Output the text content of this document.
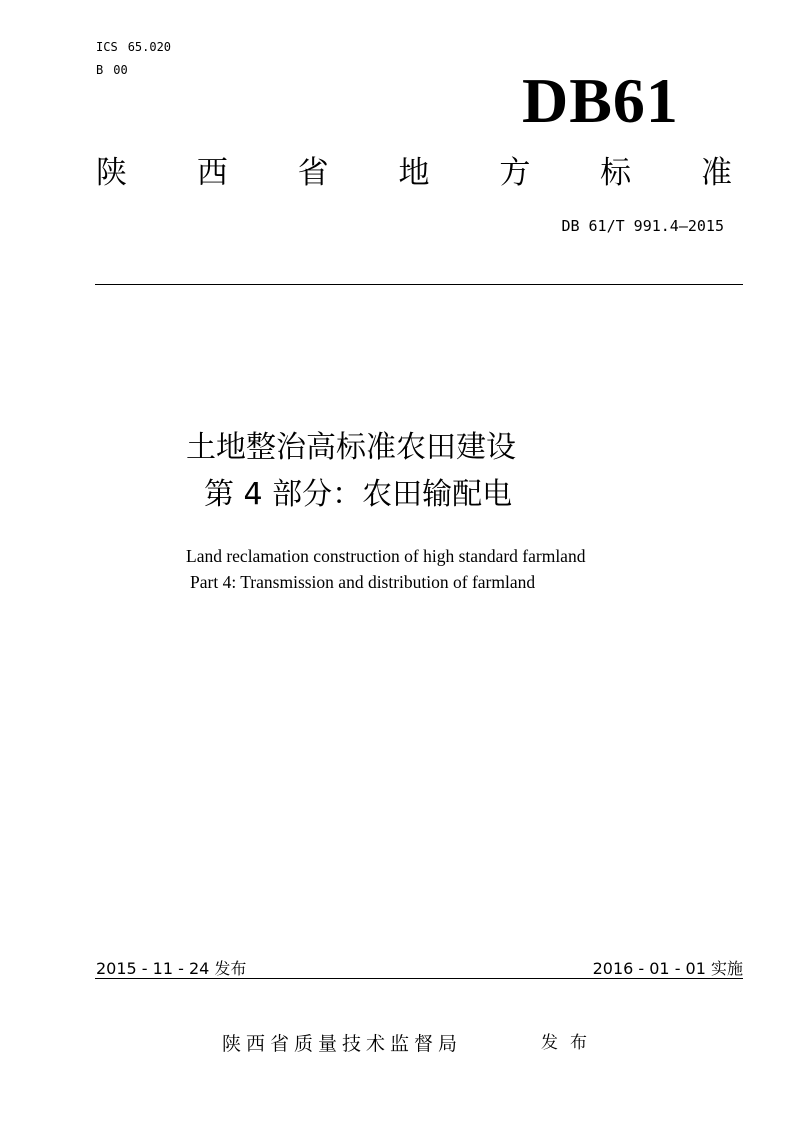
ICS 65.020
B 00	DB61
陕 西 省 地 方 标 准
DB 61/T 991.4—2015
土地整治高标准农田建设
第 4 部分：农田输配电
Land reclamation construction of high standard farmland
Part 4: Transmission and distribution of farmland
2015 - 11 - 24 发布	2016 - 01 - 01 实施
陕西省质量技术监督局	发布
